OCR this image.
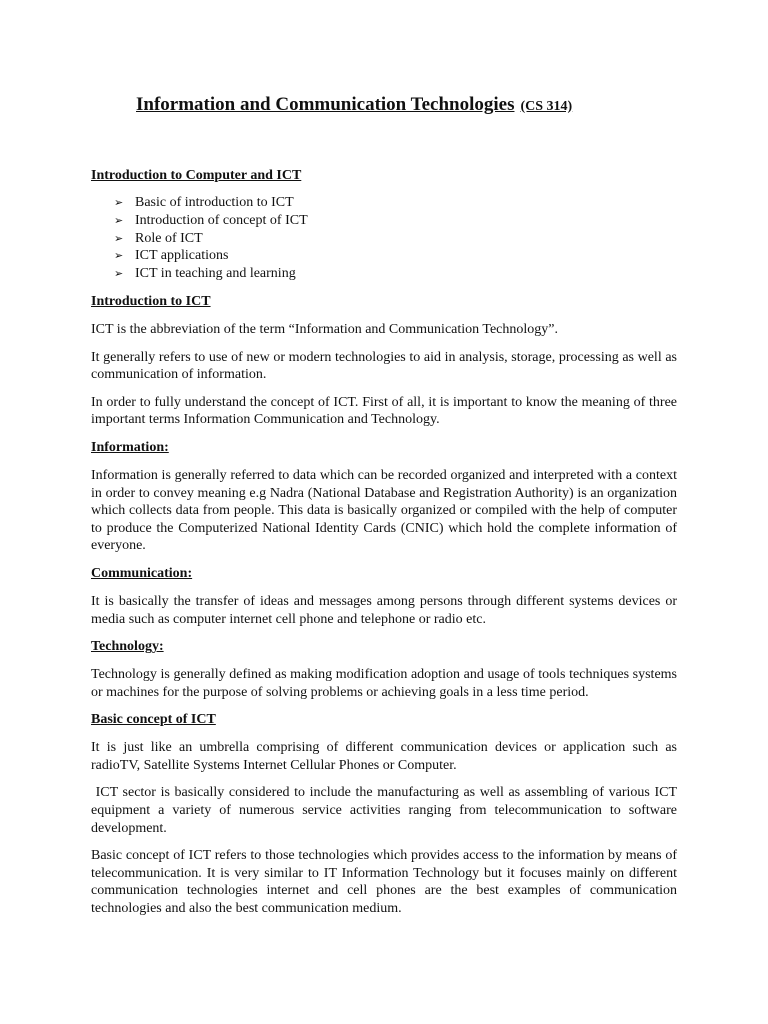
Information and Communication Technologies (CS 314)
Introduction to Computer and ICT
➢ Basic of introduction to ICT
➢ Introduction of concept of ICT
➢ Role of ICT
➢ ICT applications
➢ ICT in teaching and learning
Introduction to ICT

ICT is the abbreviation of the term “Information and Communication Technology”.

It generally refers to use of new or modern technologies to aid in analysis, storage, processing as well as communication of information.

In order to fully understand the concept of ICT. First of all, it is important to know the meaning of three important terms Information Communication and Technology.

Information:

Information is generally referred to data which can be recorded organized and interpreted with a context in order to convey meaning e.g Nadra (National Database and Registration Authority) is an organization which collects data from people. This data is basically organized or compiled with the help of computer to produce the Computerized National Identity Cards (CNIC) which hold the complete information of everyone.

Communication:

It is basically the transfer of ideas and messages among persons through different systems devices or media such as computer internet cell phone and telephone or radio etc.

Technology:

Technology is generally defined as making modification adoption and usage of tools techniques systems or machines for the purpose of solving problems or achieving goals in a less time period.

Basic concept of ICT

It is just like an umbrella comprising of different communication devices or application such as radioTV, Satellite Systems Internet Cellular Phones or Computer.

ICT sector is basically considered to include the manufacturing as well as assembling of various ICT equipment a variety of numerous service activities ranging from telecommunication to software development.

Basic concept of ICT refers to those technologies which provides access to the information by means of telecommunication. It is very similar to IT Information Technology but it focuses mainly on different communication technologies internet and cell phones are the best examples of communication technologies and also the best communication medium.
